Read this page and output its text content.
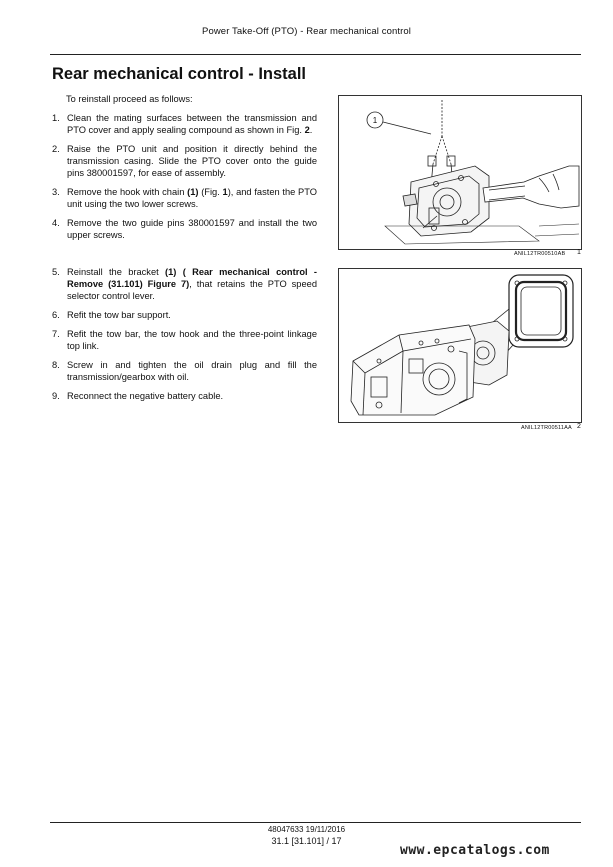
Power Take-Off (PTO) - Rear mechanical control
Rear mechanical control - Install
To reinstall proceed as follows:
1. Clean the mating surfaces between the transmission and PTO cover and apply sealing compound as shown in Fig. 2.
2. Raise the PTO unit and position it directly behind the transmission casing. Slide the PTO cover onto the guide pins 380001597, for ease of assembly.
3. Remove the hook with chain (1) (Fig. 1), and fasten the PTO unit using the two lower screws.
4. Remove the two guide pins 380001597 and install the two upper screws.
5. Reinstall the bracket (1) ( Rear mechanical control - Remove (31.101) Figure 7), that retains the PTO speed selector control lever.
6. Refit the tow bar support.
7. Refit the tow bar, the tow hook and the three-point linkage top link.
8. Screw in and tighten the oil drain plug and fill the transmission/gearbox with oil.
9. Reconnect the negative battery cable.
1
ANIL12TR00510AB 1
ANIL12TR00511AA 2
48047633 19/11/2016
31.1 [31.101] / 17
www.epcatalogs.com
